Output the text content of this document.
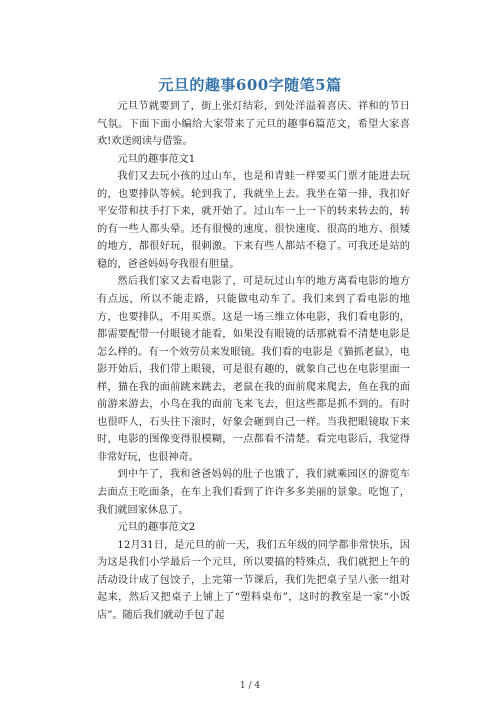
元旦的趣事600字随笔5篇

元旦节就要到了，街上张灯结彩，到处洋溢着喜庆、祥和的节日气氛。下面下面小编给大家带来了元旦的趣事6篇范文，希望大家喜欢!欢送阅读与借鉴。

元旦的趣事范文1

我们又去玩小孩的过山车，也是和青蛙一样要买门票才能进去玩的，也要排队等候。轮到我了，我就坐上去。我坐在第一排，我扣好平安带和扶手打下来，就开始了。过山车一上一下的转来转去的，转的有一些人都头晕。还有很慢的速度、很快速度、很高的地方、很矮的地方，都很好玩，很刺激。下来有些人都站不稳了。可我还是站的稳的，爸爸妈妈夸我很有胆量。

然后我们家又去看电影了，可是玩过山车的地方离看电影的地方有点远，所以不能走路，只能做电动车了。我们来到了看电影的地方，也要排队，不用买票。这是一场三维立体电影，我们看电影的，都需要配带一付眼镜才能看，如果没有眼镜的话那就看不清楚电影是怎么样的。有一个效劳员来发眼镜。我们看的电影是《猫抓老鼠》，电影开始后，我们带上眼镜，可是很有趣的，就象自己也在电影里面一样，猫在我的面前跳来跳去，老鼠在我的面前爬来爬去，鱼在我的面前游来游去，小鸟在我的面前飞来飞去，但这些都是抓不到的。有时也很吓人，石头往下滚时，好象会砸到自己一样。当我把眼镜取下来时，电影的图像变得很模糊，一点都看不清楚。看完电影后，我觉得非常好玩，也很神奇。

到中午了，我和爸爸妈妈的肚子也饿了，我们就乘园区的游览车去面点王吃面条，在车上我们看到了许许多多美丽的景象。吃饱了，我们就回家休息了。

元旦的趣事范文2

12月31日，是元旦的前一天，我们五年级的同学都非常快乐，因为这是我们小学最后一个元旦，所以要搞的特殊点，我们就把上午的活动设计成了包饺子，上完第一节课后，我们先把桌子呈八张一组对起来，然后又把桌子上铺上了“塑料桌布”，这时的教室是一家“小饭店”。随后我们就动手包了起

1 / 4
